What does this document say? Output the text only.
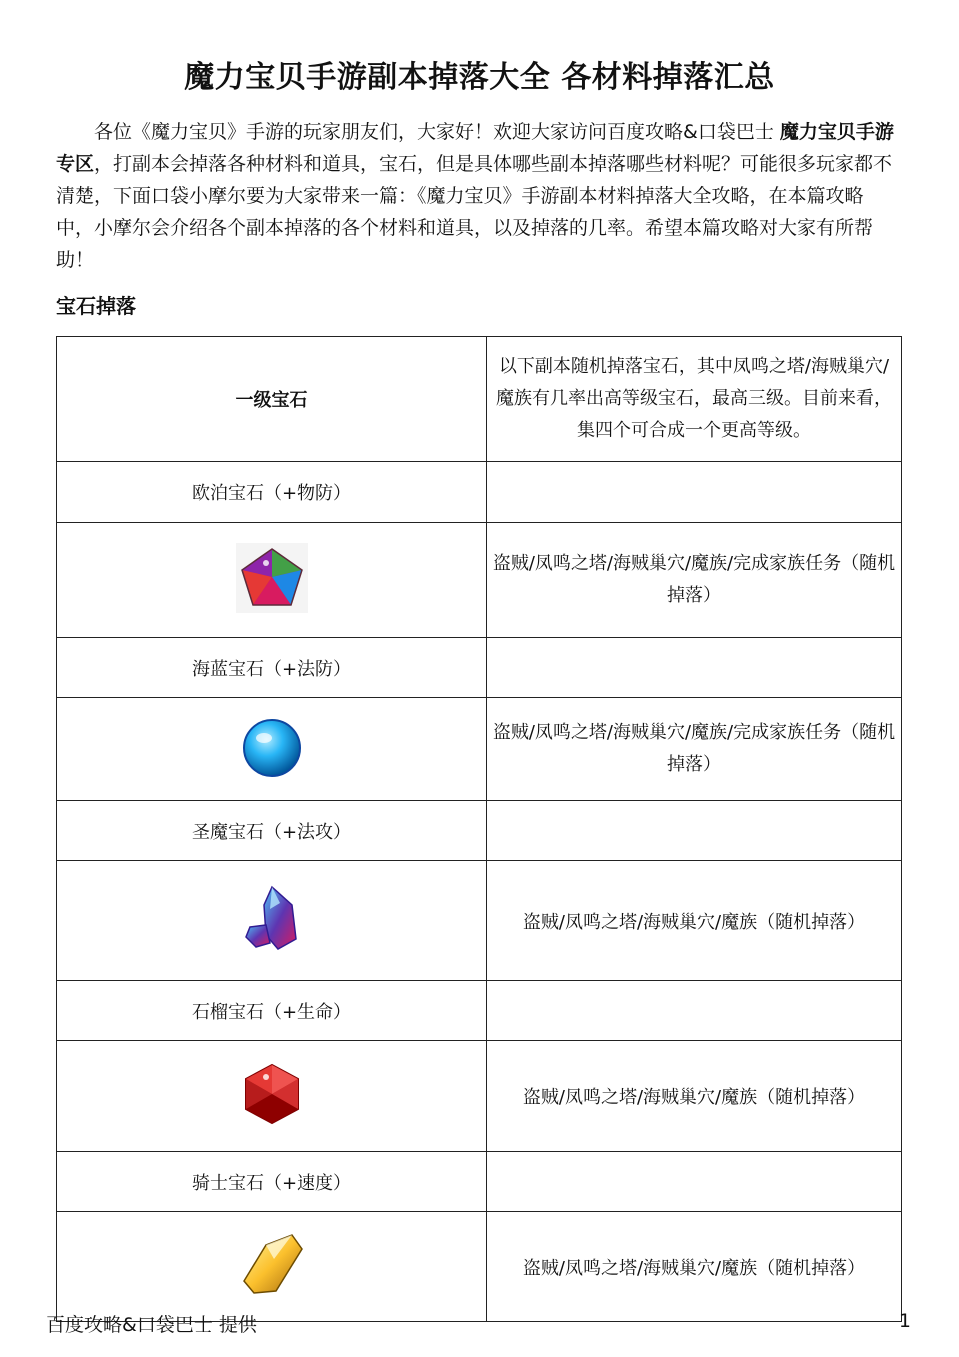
魔力宝贝手游副本掉落大全 各材料掉落汇总
各位《魔力宝贝》手游的玩家朋友们，大家好！欢迎大家访问百度攻略&口袋巴士 魔力宝贝手游专区，打副本会掉落各种材料和道具，宝石，但是具体哪些副本掉落哪些材料呢？可能很多玩家都不清楚，下面口袋小摩尔要为大家带来一篇：《魔力宝贝》手游副本材料掉落大全攻略，在本篇攻略中，小摩尔会介绍各个副本掉落的各个材料和道具，以及掉落的几率。希望本篇攻略对大家有所帮助！
宝石掉落
一级宝石	以下副本随机掉落宝石，其中凤鸣之塔/海贼巢穴/魔族有几率出高等级宝石，最高三级。目前来看，集四个可合成一个更高等级。
欧泊宝石（+物防）	

	盗贼/凤鸣之塔/海贼巢穴/魔族/完成家族任务（随机掉落）
海蓝宝石（+法防）	

	盗贼/凤鸣之塔/海贼巢穴/魔族/完成家族任务（随机掉落）
圣魔宝石（+法攻）	

	盗贼/凤鸣之塔/海贼巢穴/魔族（随机掉落）
石榴宝石（+生命）	

	盗贼/凤鸣之塔/海贼巢穴/魔族（随机掉落）
骑士宝石（+速度）	

	盗贼/凤鸣之塔/海贼巢穴/魔族（随机掉落）
百度攻略&口袋巴士 提供	1
